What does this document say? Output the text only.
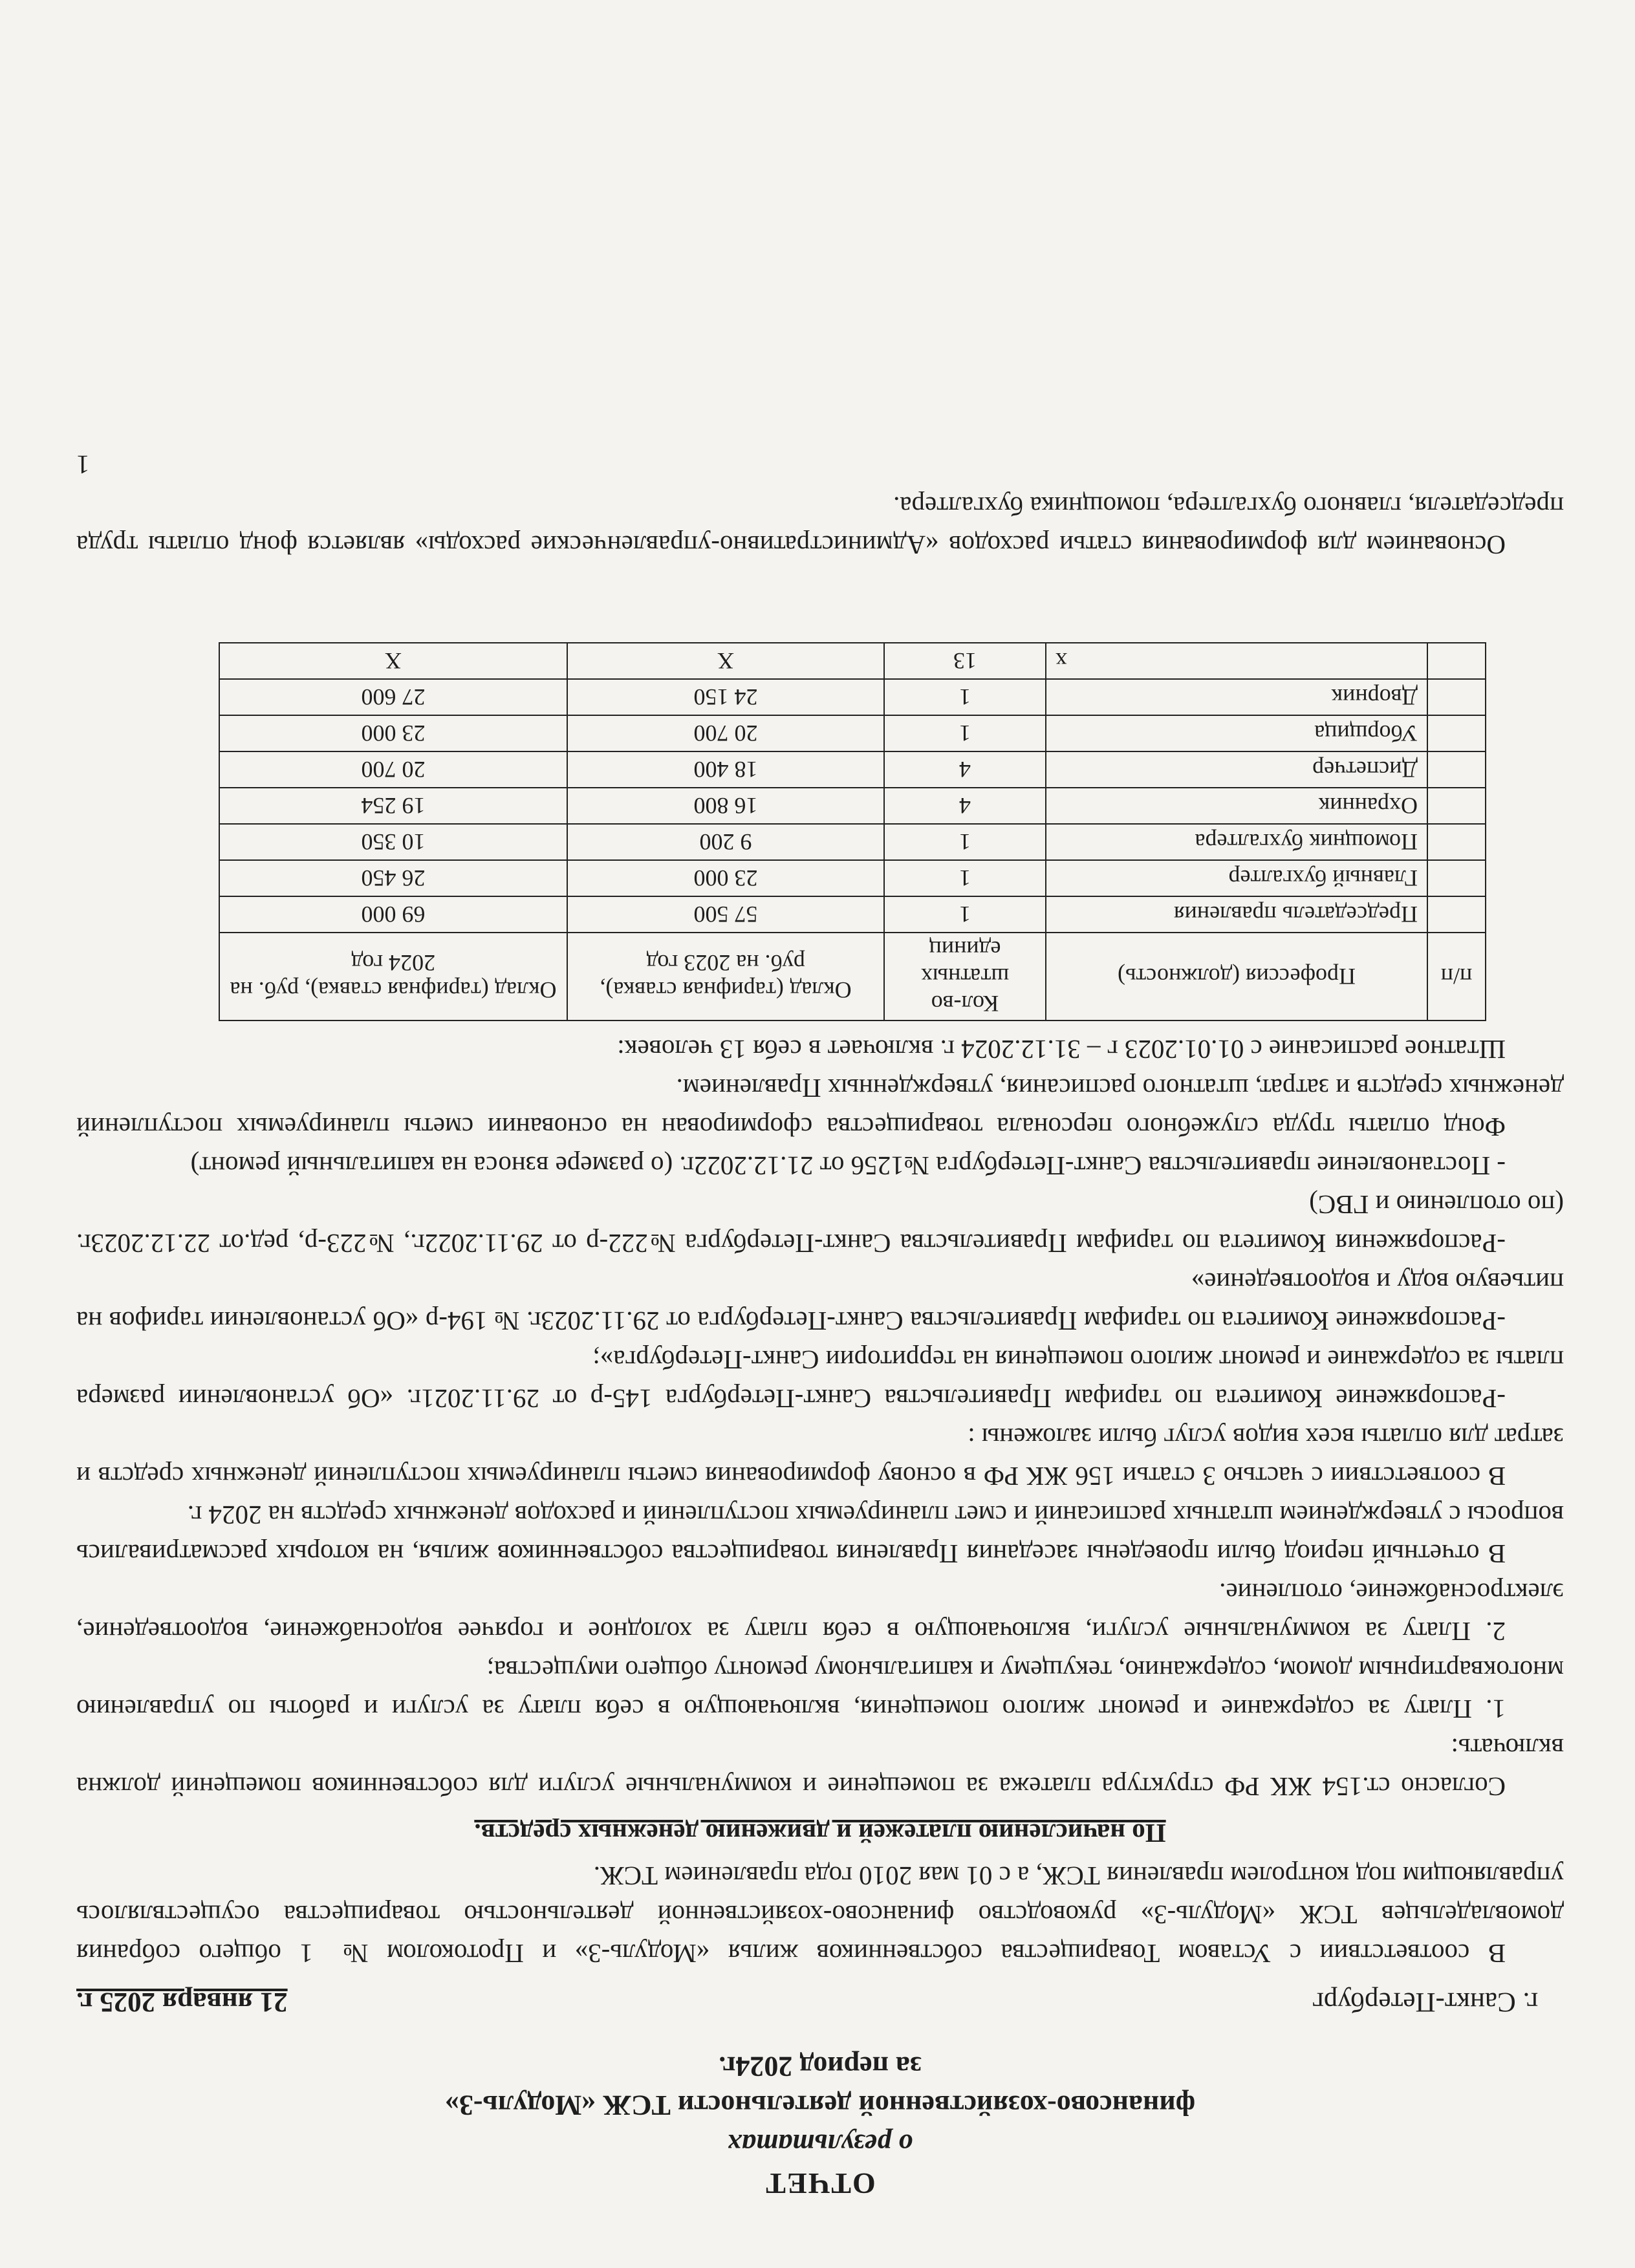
ОТЧЕТ
о результатах
финансово-хозяйственной деятельности ТСЖ «Модуль-3»
за период 2024г.
г. Санкт-Петербург
21 января 2025 г.

В соответствии с Уставом Товарищества собственников жилья «Модуль-3» и Протоколом № 1 общего собрания домовладельцев ТСЖ «Модуль-3» руководство финансово-хозяйственной деятельностью товарищества осуществлялось управляющим под контролем правления ТСЖ, а с 01 мая 2010 года правлением ТСЖ.

По начислению платежей и движению денежных средств.

Согласно ст.154 ЖК РФ структура платежа за помещение и коммунальные услуги для собственников помещений должна включать:

1. Плату за содержание и ремонт жилого помещения, включающую в себя плату за услуги и работы по управлению многоквартирным домом, содержанию, текущему и капитальному ремонту общего имущества;

2. Плату за коммунальные услуги, включающую в себя плату за холодное и горячее водоснабжение, водоотведение, электроснабжение, отопление.

В отчетный период были проведены заседания Правления товарищества собственников жилья, на которых рассматривались вопросы с утверждением штатных расписаний и смет планируемых поступлений и расходов денежных средств на 2024 г.

В соответствии с частью 3 статьи 156 ЖК РФ в основу формирования сметы планируемых поступлений денежных средств и затрат для оплаты всех видов услуг были заложены :

-Распоряжение Комитета по тарифам Правительства Санкт-Петербурга 145-р от 29.11.2021г. «Об установлении размера платы за содержание и ремонт жилого помещения на территории Санкт-Петербурга»;

-Распоряжение Комитета по тарифам Правительства Санкт-Петербурга от 29.11.2023г. № 194-р «Об установлении тарифов на питьевую воду и водоотведение»

-Распоряжения Комитета по тарифам Правительства Санкт-Петербурга №222-р от 29.11.2022г., №223-р, ред.от 22.12.2023г.(по отоплению и ГВС)

- Постановление правительства Санкт-Петербурга №1256 от 21.12.2022г. (о размере взноса на капитальный ремонт)

Фонд оплаты труда служебного персонала товарищества сформирован на основании сметы планируемых поступлений денежных средств и затрат, штатного расписания, утвержденных Правлением.

Штатное расписание с 01.01.2023 г – 31.12.2024 г. включает в себя 13 человек:

п/п	Профессия (должность)	Кол-во штатных единиц	Оклад (тарифная ставка), руб. на 2023 год	Оклад (тарифная ставка), руб. на 2024 год
	Председатель правления	1	57 500	69 000
	Главный бухгалтер	1	23 000	26 450
	Помощник бухгалтера	1	9 200	10 350
	Охранник	4	16 800	19 254
	Диспетчер	4	18 400	20 700
	Уборщица	1	20 700	23 000
	Дворник	1	24 150	27 600
	x	13	X	X

Основанием для формирования статьи расходов «Административно-управленческие расходы» является фонд оплаты труда председателя, главного бухгалтера, помощника бухгалтера.

1
